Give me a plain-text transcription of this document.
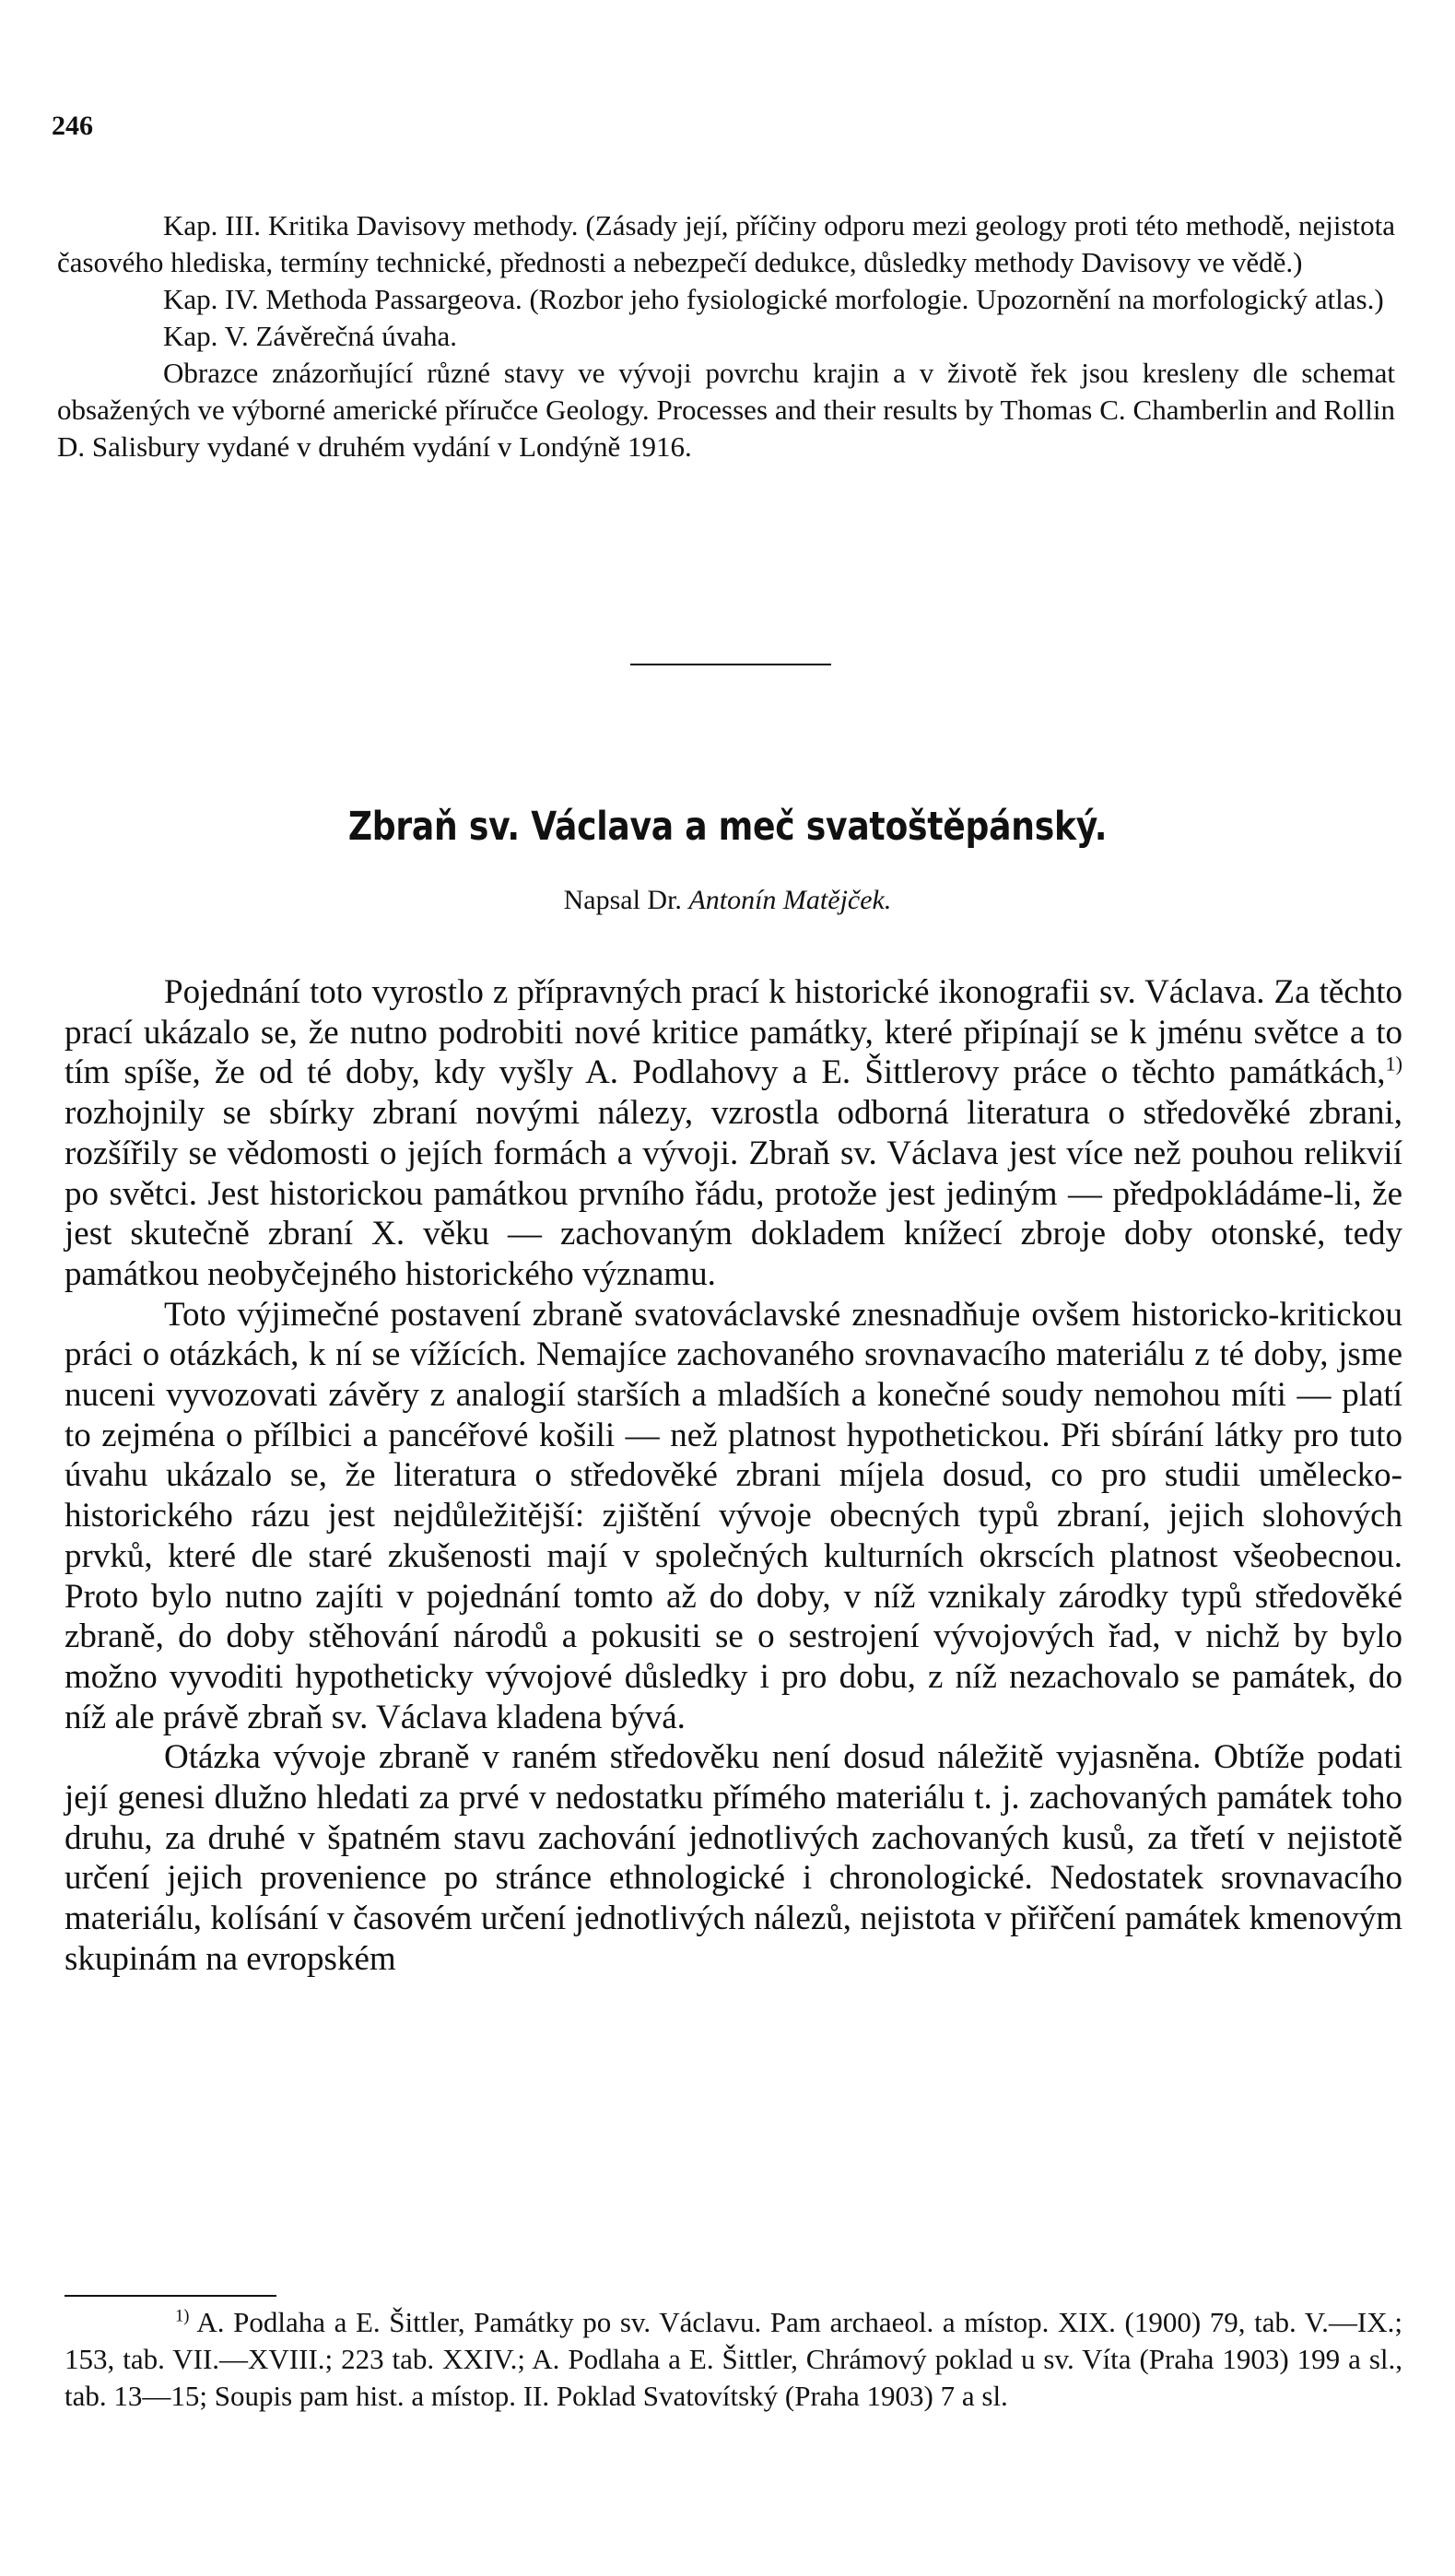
246

Kap. III. Kritika Davisovy methody. (Zásady její, příčiny odporu mezi geology proti této methodě, nejistota časového hlediska, termíny technické, přednosti a nebezpečí dedukce, důsledky methody Davisovy ve vědě.)

Kap. IV. Methoda Passargeova. (Rozbor jeho fysiologické morfologie. Upozornění na morfologický atlas.)

Kap. V. Závěrečná úvaha.

Obrazce znázorňující různé stavy ve vývoji povrchu krajin a v životě řek jsou kresleny dle schemat obsažených ve výborné americké příručce Geology. Processes and their results by Thomas C. Chamberlin and Rollin D. Salisbury vydané v druhém vydání v Londýně 1916.

Zbraň sv. Václava a meč svatoštěpánský.
Napsal Dr. Antonín Matějček.

Pojednání toto vyrostlo z přípravných prací k historické ikonografii sv. Václava. Za těchto prací ukázalo se, že nutno podrobiti nové kritice památky, které připínají se k jménu světce a to tím spíše, že od té doby, kdy vyšly A. Podlahovy a E. Šittlerovy práce o těchto památkách,$^{1)}$ rozhojnily se sbírky zbraní novými nálezy, vzrostla odborná literatura o středověké zbrani, rozšířily se vědomosti o jejích formách a vývoji. Zbraň sv. Václava jest více než pouhou relikvií po světci. Jest historickou památkou prvního řádu, protože jest jediným — předpokládáme-li, že jest skutečně zbraní X. věku — zachovaným dokladem knížecí zbroje doby otonské, tedy památkou neobyčejného historického významu.

Toto výjimečné postavení zbraně svatováclavské znesnadňuje ovšem historicko-kritickou práci o otázkách, k ní se vížících. Nemajíce zachovaného srovnavacího materiálu z té doby, jsme nuceni vyvozovati závěry z analogií starších a mladších a konečné soudy nemohou míti — platí to zejména o přílbici a pancéřové košili — než platnost hypothetickou. Při sbírání látky pro tuto úvahu ukázalo se, že literatura o středověké zbrani míjela dosud, co pro studii umělecko-historického rázu jest nejdůležitější: zjištění vývoje obecných typů zbraní, jejich slohových prvků, které dle staré zkušenosti mají v společných kulturních okrscích platnost všeobecnou. Proto bylo nutno zajíti v pojednání tomto až do doby, v níž vznikaly zárodky typů středověké zbraně, do doby stěhování národů a pokusiti se o sestrojení vývojových řad, v nichž by bylo možno vyvoditi hypotheticky vývojové důsledky i pro dobu, z níž nezachovalo se památek, do níž ale právě zbraň sv. Václava kladena bývá.

Otázka vývoje zbraně v raném středověku není dosud náležitě vyjasněna. Obtíže podati její genesi dlužno hledati za prvé v nedostatku přímého materiálu t. j. zachovaných památek toho druhu, za druhé v špatném stavu zachování jednotlivých zachovaných kusů, za třetí v nejistotě určení jejich provenience po stránce ethnologické i chronologické. Nedostatek srovnavacího materiálu, kolísání v časovém určení jednotlivých nálezů, nejistota v přiřčení památek kmenovým skupinám na evropském

$^{1)}$ A. Podlaha a E. Šittler, Památky po sv. Václavu. Pam archaeol. a místop. XIX. (1900) 79, tab. V.—IX.; 153, tab. VII.—XVIII.; 223 tab. XXIV.; A. Podlaha a E. Šittler, Chrámový poklad u sv. Víta (Praha 1903) 199 a sl., tab. 13—15; Soupis pam hist. a místop. II. Poklad Svatovítský (Praha 1903) 7 a sl.
